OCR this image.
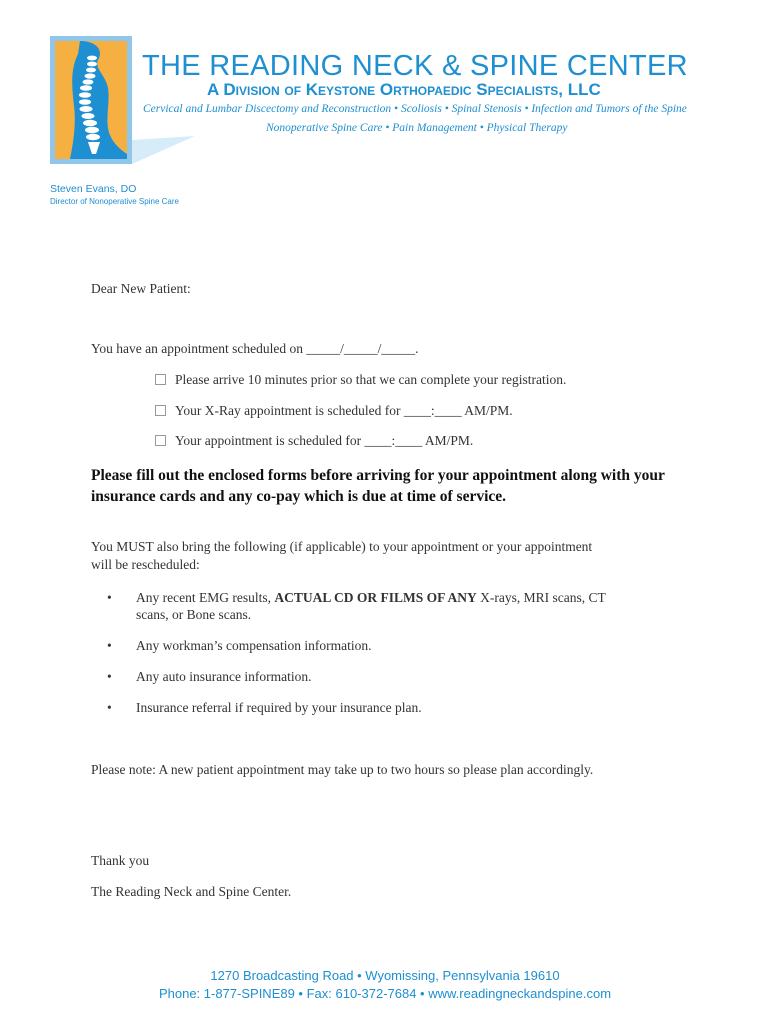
THE READING NECK & SPINE CENTER
A Division of Keystone Orthopaedic Specialists, LLC
Cervical and Lumbar Discectomy and Reconstruction • Scoliosis • Spinal Stenosis • Infection and Tumors of the Spine
Nonoperative Spine Care • Pain Management • Physical Therapy
Steven Evans, DO
Director of Nonoperative Spine Care
Dear New Patient:
You have an appointment scheduled on _____/_____/_____.
Please arrive 10 minutes prior so that we can complete your registration.
Your X-Ray appointment is scheduled for ____:____ AM/PM.
Your appointment is scheduled for ____:____ AM/PM.
Please fill out the enclosed forms before arriving for your appointment along with your insurance cards and any co-pay which is due at time of service.
You MUST also bring the following (if applicable) to your appointment or your appointment
will be rescheduled:
• Any recent EMG results, ACTUAL CD OR FILMS OF ANY X-rays, MRI scans, CT
scans, or Bone scans.
• Any workman’s compensation information.
• Any auto insurance information.
• Insurance referral if required by your insurance plan.
Please note: A new patient appointment may take up to two hours so please plan accordingly.
Thank you
The Reading Neck and Spine Center.
1270 Broadcasting Road • Wyomissing, Pennsylvania 19610
Phone: 1-877-SPINE89 • Fax: 610-372-7684 • www.readingneckandspine.com
